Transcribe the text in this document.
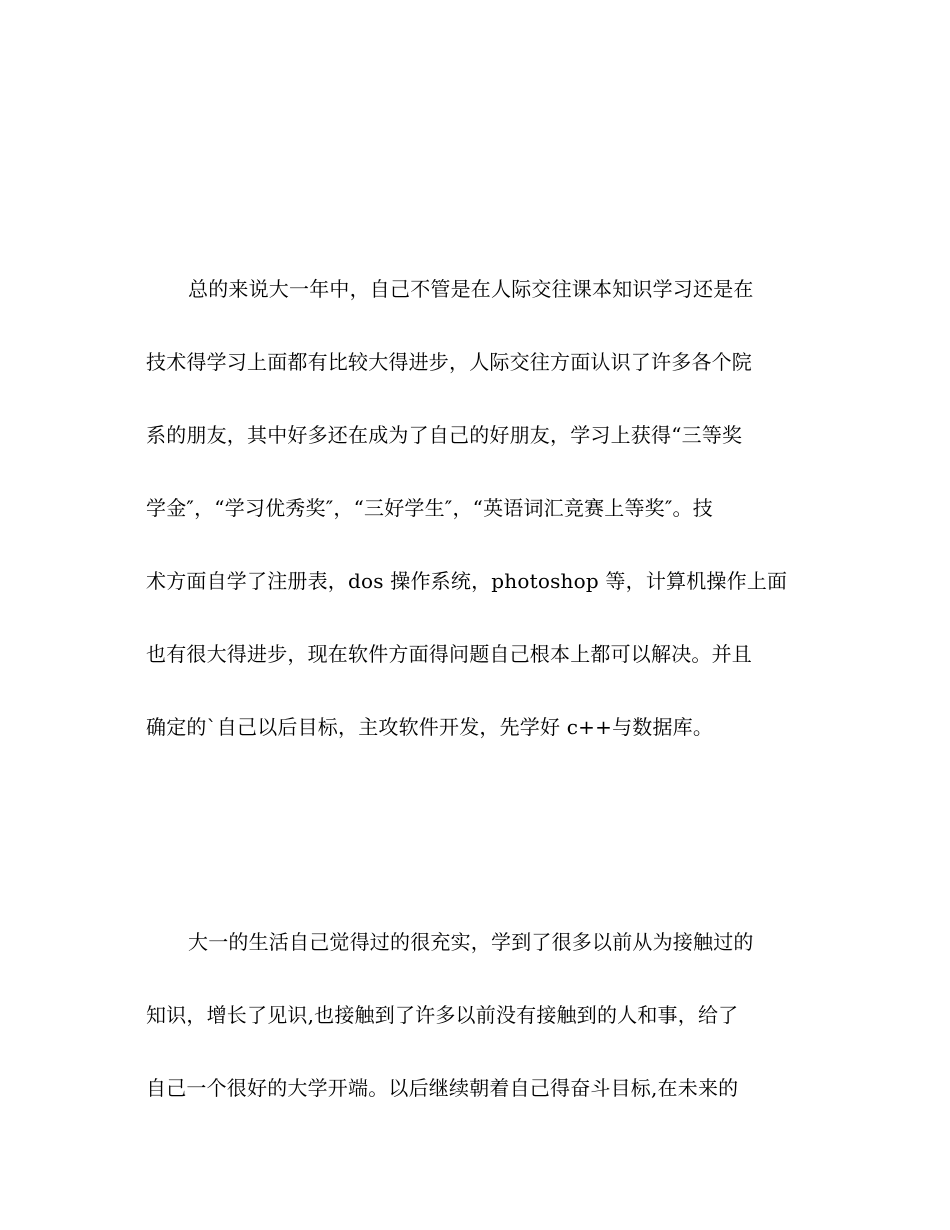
总的来说大一年中，自己不管是在人际交往课本知识学习还是在
技术得学习上面都有比较大得进步，人际交往方面认识了许多各个院
系的朋友，其中好多还在成为了自己的好朋友，学习上获得“三等奖
学金″，“学习优秀奖″，“三好学生″，“英语词汇竞赛上等奖″。技
术方面自学了注册表，dos 操作系统，photoshop 等，计算机操作上面
也有很大得进步，现在软件方面得问题自己根本上都可以解决。并且
确定的`自己以后目标，主攻软件开发，先学好 c++与数据库。
大一的生活自己觉得过的很充实，学到了很多以前从为接触过的
知识，增长了见识,也接触到了许多以前没有接触到的人和事，给了
自己一个很好的大学开端。以后继续朝着自己得奋斗目标,在未来的
